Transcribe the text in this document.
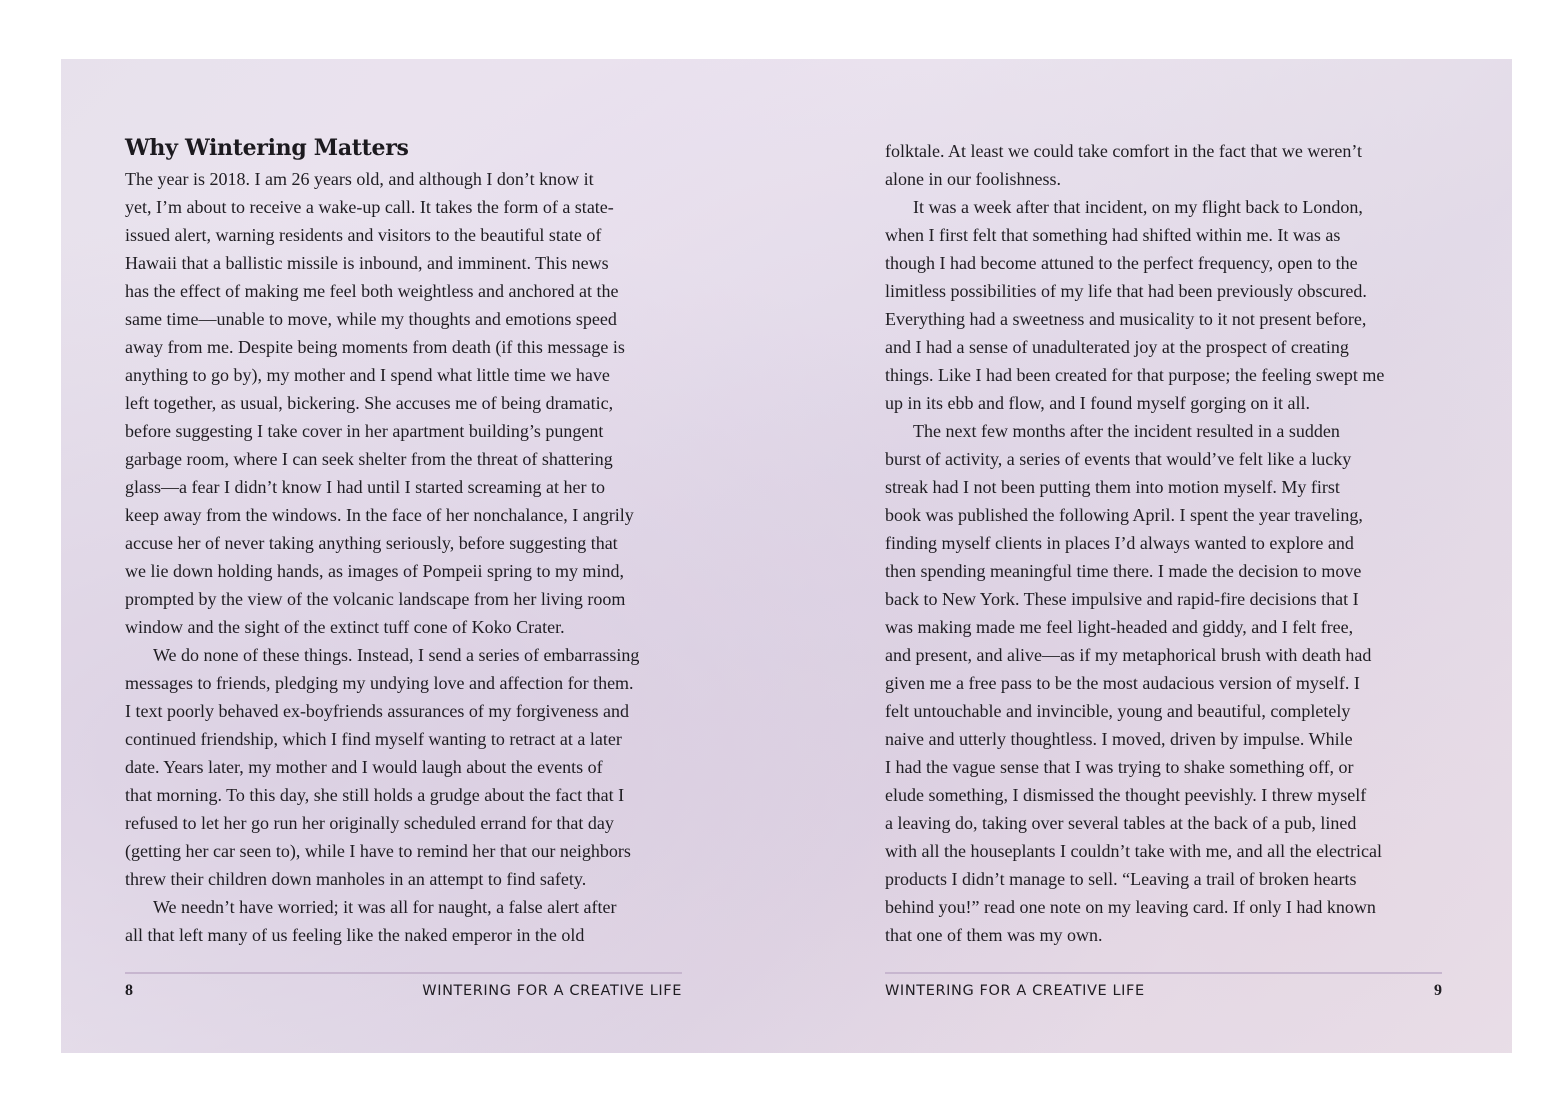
Why Wintering Matters
The year is 2018. I am 26 years old, and although I don’t know it
yet, I’m about to receive a wake-up call. It takes the form of a state-
issued alert, warning residents and visitors to the beautiful state of
Hawaii that a ballistic missile is inbound, and imminent. This news
has the effect of making me feel both weightless and anchored at the
same time—unable to move, while my thoughts and emotions speed
away from me. Despite being moments from death (if this message is
anything to go by), my mother and I spend what little time we have
left together, as usual, bickering. She accuses me of being dramatic,
before suggesting I take cover in her apartment building’s pungent
garbage room, where I can seek shelter from the threat of shattering
glass—a fear I didn’t know I had until I started screaming at her to
keep away from the windows. In the face of her nonchalance, I angrily
accuse her of never taking anything seriously, before suggesting that
we lie down holding hands, as images of Pompeii spring to my mind,
prompted by the view of the volcanic landscape from her living room
window and the sight of the extinct tuff cone of Koko Crater.
We do none of these things. Instead, I send a series of embarrassing
messages to friends, pledging my undying love and affection for them.
I text poorly behaved ex-boyfriends assurances of my forgiveness and
continued friendship, which I find myself wanting to retract at a later
date. Years later, my mother and I would laugh about the events of
that morning. To this day, she still holds a grudge about the fact that I
refused to let her go run her originally scheduled errand for that day
(getting her car seen to), while I have to remind her that our neighbors
threw their children down manholes in an attempt to find safety.
We needn’t have worried; it was all for naught, a false alert after
all that left many of us feeling like the naked emperor in the old
8	WINTERING FOR A CREATIVE LIFE
folktale. At least we could take comfort in the fact that we weren’t
alone in our foolishness.
It was a week after that incident, on my flight back to London,
when I first felt that something had shifted within me. It was as
though I had become attuned to the perfect frequency, open to the
limitless possibilities of my life that had been previously obscured.
Everything had a sweetness and musicality to it not present before,
and I had a sense of unadulterated joy at the prospect of creating
things. Like I had been created for that purpose; the feeling swept me
up in its ebb and flow, and I found myself gorging on it all.
The next few months after the incident resulted in a sudden
burst of activity, a series of events that would’ve felt like a lucky
streak had I not been putting them into motion myself. My first
book was published the following April. I spent the year traveling,
finding myself clients in places I’d always wanted to explore and
then spending meaningful time there. I made the decision to move
back to New York. These impulsive and rapid-fire decisions that I
was making made me feel light-headed and giddy, and I felt free,
and present, and alive—as if my metaphorical brush with death had
given me a free pass to be the most audacious version of myself. I
felt untouchable and invincible, young and beautiful, completely
naive and utterly thoughtless. I moved, driven by impulse. While
I had the vague sense that I was trying to shake something off, or
elude something, I dismissed the thought peevishly. I threw myself
a leaving do, taking over several tables at the back of a pub, lined
with all the houseplants I couldn’t take with me, and all the electrical
products I didn’t manage to sell. “Leaving a trail of broken hearts
behind you!” read one note on my leaving card. If only I had known
that one of them was my own.
WINTERING FOR A CREATIVE LIFE	9
